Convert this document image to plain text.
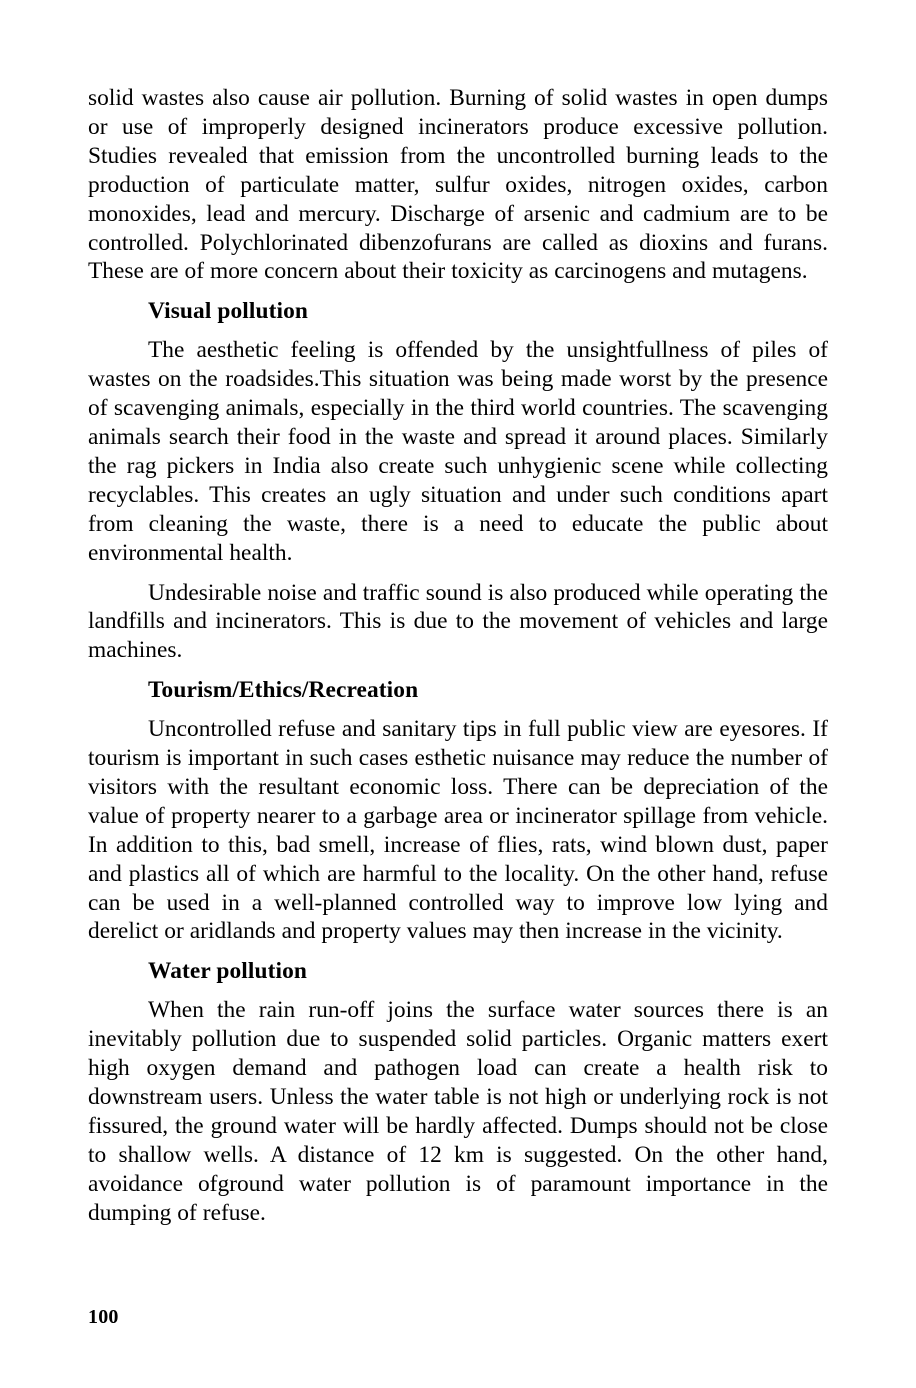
solid wastes also cause air pollution. Burning of solid wastes in open dumps or use of improperly designed incinerators produce excessive pollution. Studies revealed that emission from the uncontrolled burning leads to the production of particulate matter, sulfur oxides, nitrogen oxides, carbon monoxides, lead and mercury. Discharge of arsenic and cadmium are to be controlled. Polychlorinated dibenzofurans are called as dioxins and furans. These are of more concern about their toxicity as carcinogens and mutagens.

Visual pollution

The aesthetic feeling is offended by the unsightfullness of piles of wastes on the roadsides.This situation was being made worst by the presence of scavenging animals, especially in the third world countries. The scavenging animals search their food in the waste and spread it around places. Similarly the rag pickers in India also create such unhygienic scene while collecting recyclables. This creates an ugly situation and under such conditions apart from cleaning the waste, there is a need to educate the public about environmental health.

Undesirable noise and traffic sound is also produced while operating the landfills and incinerators. This is due to the movement of vehicles and large machines.

Tourism/Ethics/Recreation

Uncontrolled refuse and sanitary tips in full public view are eyesores. If tourism is important in such cases esthetic nuisance may reduce the number of visitors with the resultant economic loss. There can be depreciation of the value of property nearer to a garbage area or incinerator spillage from vehicle. In addition to this, bad smell, increase of flies, rats, wind blown dust, paper and plastics all of which are harmful to the locality. On the other hand, refuse can be used in a well-planned controlled way to improve low lying and derelict or aridlands and property values may then increase in the vicinity.

Water pollution

When the rain run-off joins the surface water sources there is an inevitably pollution due to suspended solid particles. Organic matters exert high oxygen demand and pathogen load can create a health risk to downstream users. Unless the water table is not high or underlying rock is not fissured, the ground water will be hardly affected. Dumps should not be close to shallow wells. A distance of 12 km is suggested. On the other hand, avoidance ofground water pollution is of paramount importance in the dumping of refuse.

100
